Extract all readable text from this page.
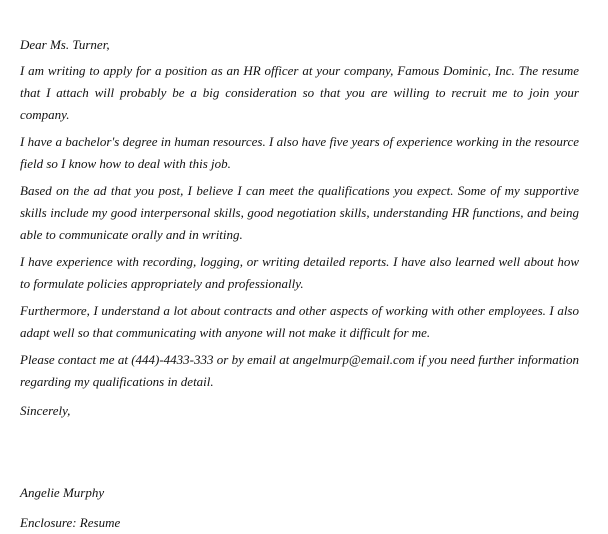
Dear Ms. Turner,

I am writing to apply for a position as an HR officer at your company, Famous Dominic, Inc. The resume that I attach will probably be a big consideration so that you are willing to recruit me to join your company.

I have a bachelor's degree in human resources. I also have five years of experience working in the resource field so I know how to deal with this job.

Based on the ad that you post, I believe I can meet the qualifications you expect. Some of my supportive skills include my good interpersonal skills, good negotiation skills, understanding HR functions, and being able to communicate orally and in writing.

I have experience with recording, logging, or writing detailed reports. I have also learned well about how to formulate policies appropriately and professionally.

Furthermore, I understand a lot about contracts and other aspects of working with other employees. I also adapt well so that communicating with anyone will not make it difficult for me.

Please contact me at (444)-4433-333 or by email at angelmurp@email.com if you need further information regarding my qualifications in detail.

Sincerely,

Angelie Murphy

Enclosure: Resume
